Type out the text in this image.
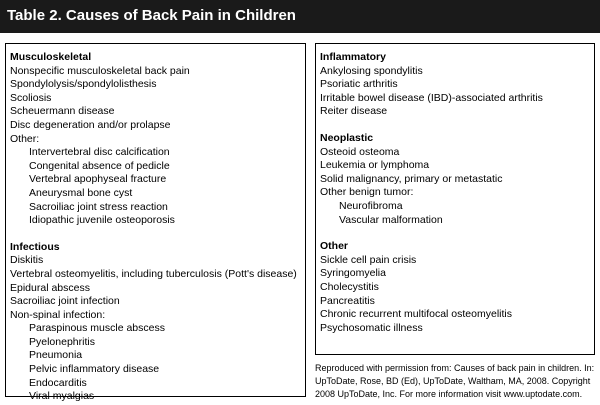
Table 2. Causes of Back Pain in Children
Musculoskeletal
Nonspecific musculoskeletal back pain
Spondylolysis/spondylolisthesis
Scoliosis
Scheuermann disease
Disc degeneration and/or prolapse
Other:
Intervertebral disc calcification
Congenital absence of pedicle
Vertebral apophyseal fracture
Aneurysmal bone cyst
Sacroiliac joint stress reaction
Idiopathic juvenile osteoporosis
Infectious
Diskitis
Vertebral osteomyelitis, including tuberculosis (Pott's disease)
Epidural abscess
Sacroiliac joint infection
Non-spinal infection:
Paraspinous muscle abscess
Pyelonephritis
Pneumonia
Pelvic inflammatory disease
Endocarditis
Viral myalgias
Inflammatory
Ankylosing spondylitis
Psoriatic arthritis
Irritable bowel disease (IBD)-associated arthritis
Reiter disease
Neoplastic
Osteoid osteoma
Leukemia or lymphoma
Solid malignancy, primary or metastatic
Other benign tumor:
Neurofibroma
Vascular malformation
Other
Sickle cell pain crisis
Syringomyelia
Cholecystitis
Pancreatitis
Chronic recurrent multifocal osteomyelitis
Psychosomatic illness
Reproduced with permission from: Causes of back pain in children. In: UpToDate, Rose, BD (Ed), UpToDate, Waltham, MA, 2008. Copyright 2008 UpToDate, Inc. For more information visit www.uptodate.com.
